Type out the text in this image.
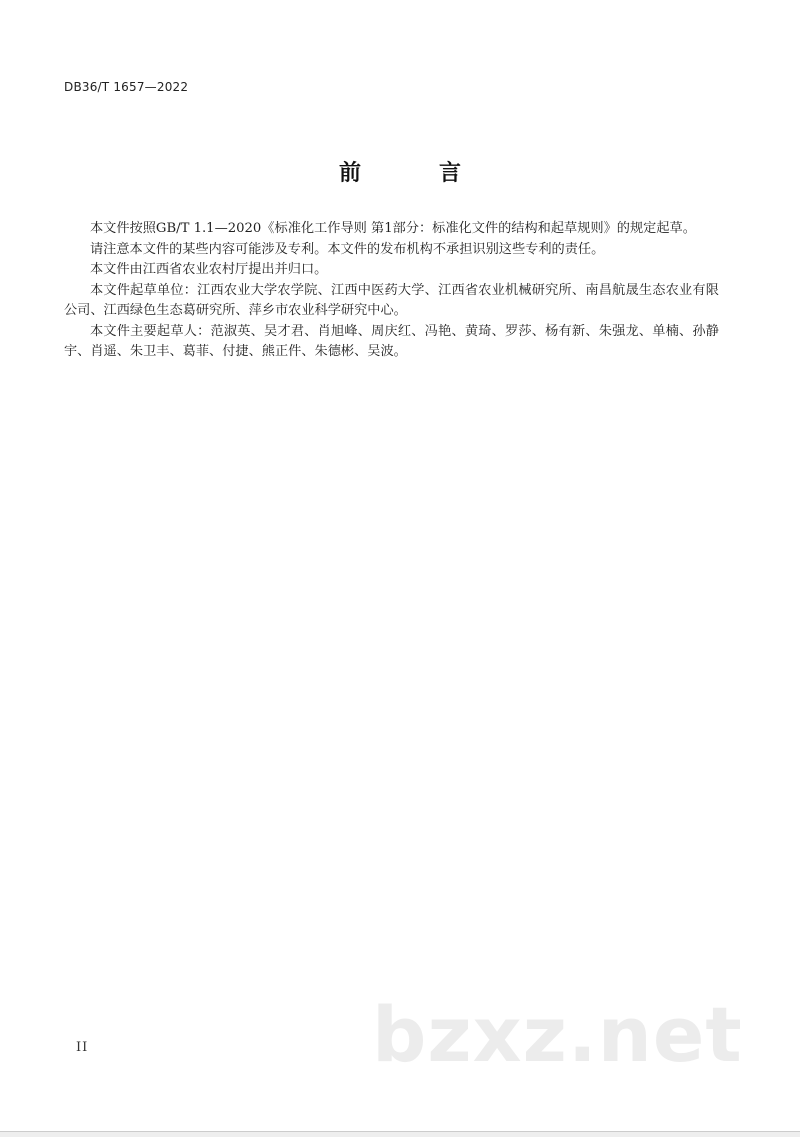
DB36/T 1657—2022
前　言

本文件按照GB/T 1.1—2020《标准化工作导则 第1部分：标准化文件的结构和起草规则》的规定起草。

请注意本文件的某些内容可能涉及专利。本文件的发布机构不承担识别这些专利的责任。

本文件由江西省农业农村厅提出并归口。

本文件起草单位：江西农业大学农学院、江西中医药大学、江西省农业机械研究所、南昌航晟生态农业有限公司、江西绿色生态葛研究所、萍乡市农业科学研究中心。

本文件主要起草人：范淑英、吴才君、肖旭峰、周庆红、冯艳、黄琦、罗莎、杨有新、朱强龙、单楠、孙静宇、肖遥、朱卫丰、葛菲、付捷、熊正件、朱德彬、吴波。

II	bzxz.net
